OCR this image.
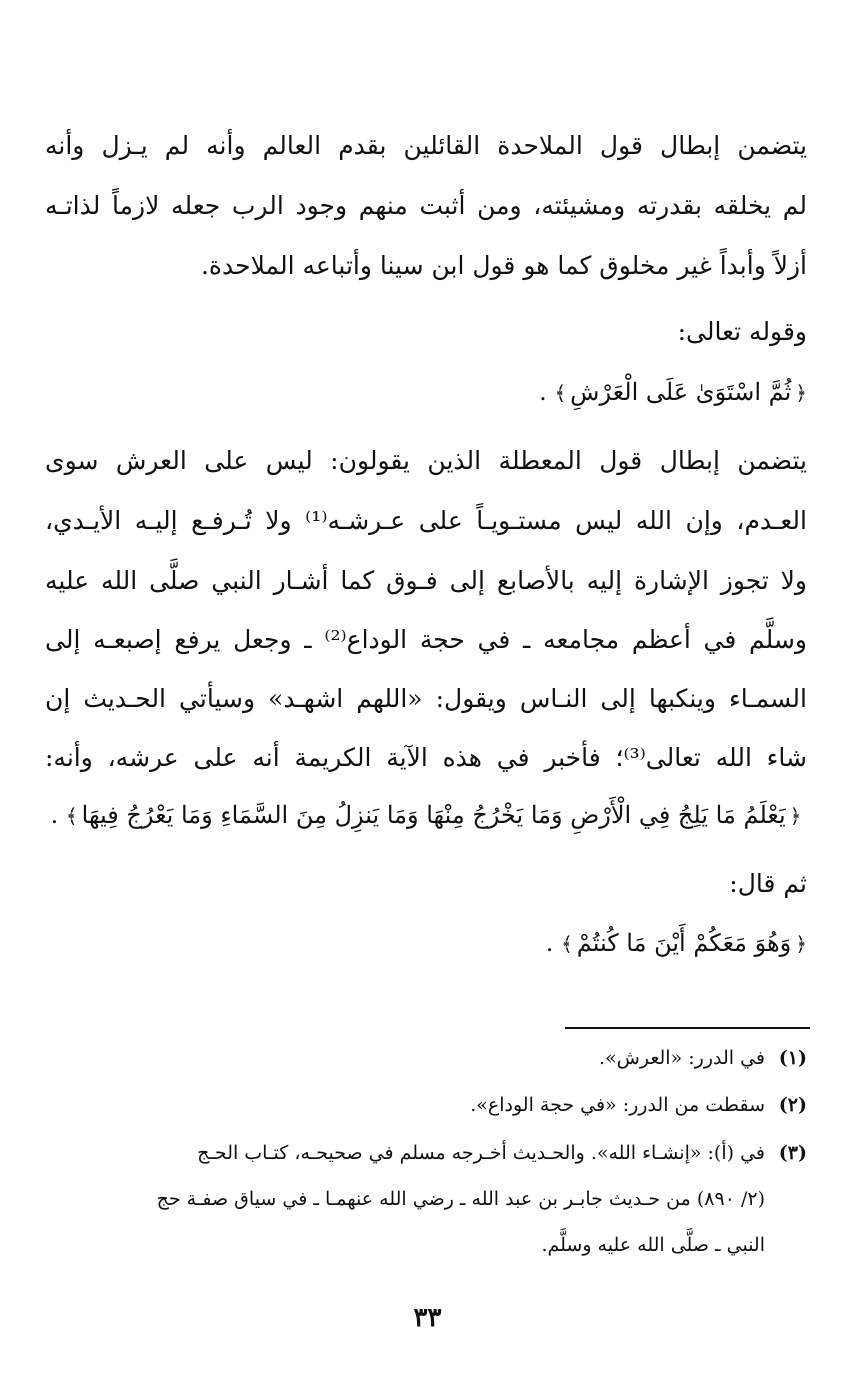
يتضمن إبطال قول الملاحدة القائلين بقدم العالم وأنه لم يـزل وأنه
لم يخلقه بقدرته ومشيئته، ومن أثبت منهم وجود الرب جعله لازماً لذاتـه
أزلاً وأبداً غير مخلوق كما هو قول ابن سينا وأتباعه الملاحدة.
وقوله تعالى:
﴿ثُمَّ اسْتَوَىٰ عَلَى الْعَرْشِ﴾ .
يتضمن إبطال قول المعطلة الذين يقولون: ليس على العرش سوى
العـدم، وإن الله ليس مستـويـاً على عـرشـه⁽¹⁾ ولا تُـرفـع إليـه الأيـدي،
ولا تجوز الإشارة إليه بالأصابع إلى فـوق كما أشـار النبي صلَّى الله عليه
وسلَّم في أعظم مجامعه ـ في حجة الوداع⁽²⁾ ـ وجعل يرفع إصبعـه إلى
السمـاء وينكبها إلى النـاس ويقول: «اللهم اشهـد» وسيأتي الحـديث إن
شاء الله تعالى⁽³⁾؛ فأخبر في هذه الآية الكريمة أنه على عرشه، وأنه:
﴿يَعْلَمُ مَا يَلِجُ فِي الْأَرْضِ وَمَا يَخْرُجُ مِنْهَا وَمَا يَنزِلُ مِنَ السَّمَاءِ وَمَا يَعْرُجُ فِيهَا﴾ .
ثم قال:
﴿وَهُوَ مَعَكُمْ أَيْنَ مَا كُنتُمْ﴾ .
(١)في الدرر: «العرش».
(٢)سقطت من الدرر: «في حجة الوداع».
(٣)في (أ): «إنشـاء الله». والحـديث أخـرجه مسلم في صحيحـه، كتـاب الحـج
(٢/ ٨٩٠) من حـديث جابـر بن عبد الله ـ رضي الله عنهمـا ـ في سياق صفـة حج
النبي ـ صلَّى الله عليه وسلَّم.
٣٣
